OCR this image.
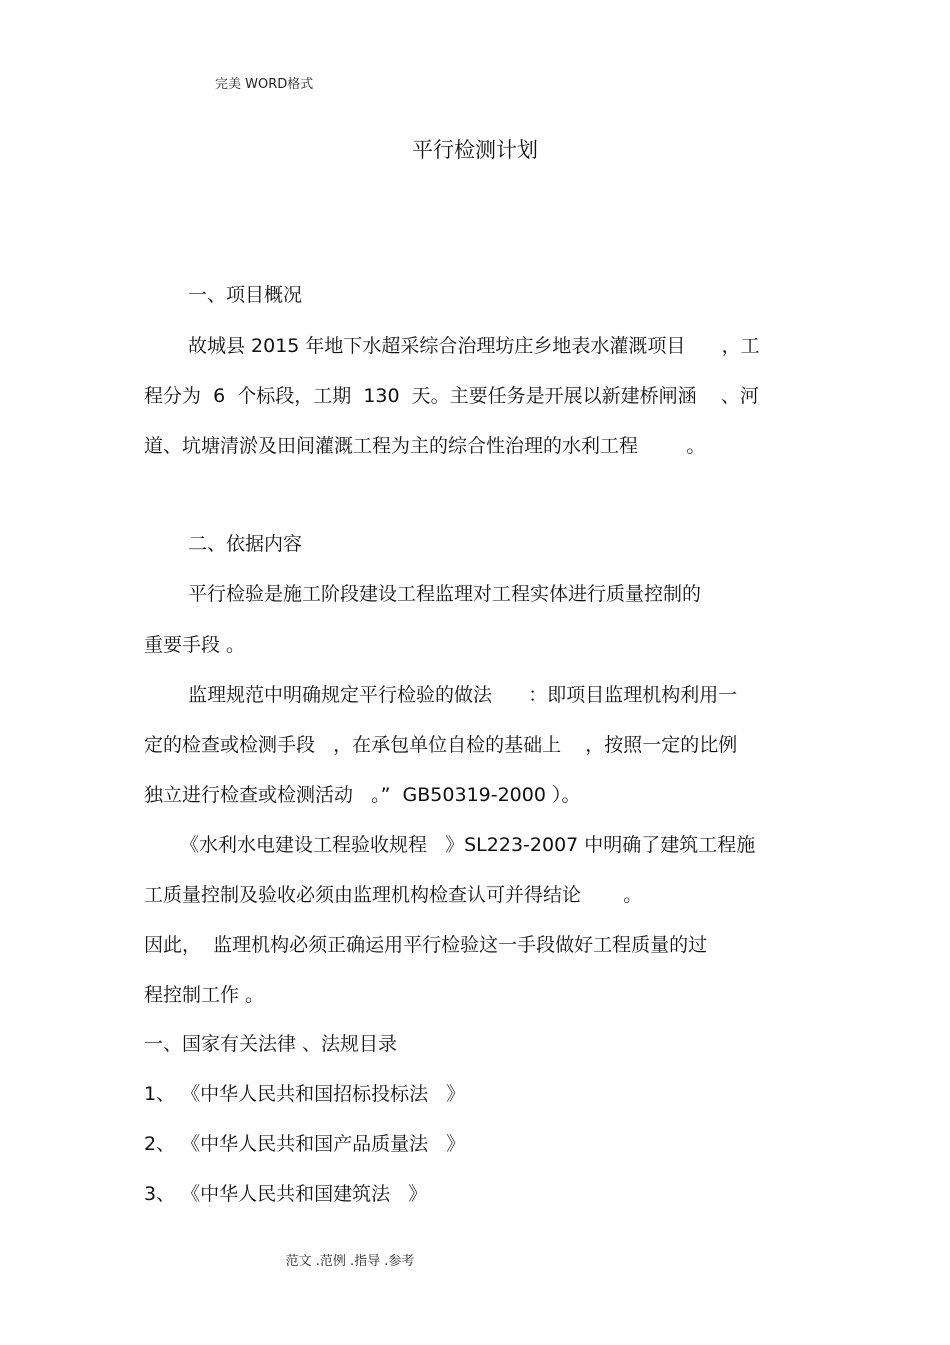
完美 WORD格式
平行检测计划
一、项目概况
故城县 2015 年地下水超采综合治理坊庄乡地表水灌溉项目      ，工
程分为  6  个标段，工期  130  天。主要任务是开展以新建桥闸涵    、河
道、坑塘清淤及田间灌溉工程为主的综合性治理的水利工程        。
二、依据内容
平行检验是施工阶段建设工程监理对工程实体进行质量控制的
重要手段 。
监理规范中明确规定平行检验的做法      ：即项目监理机构利用一
定的检查或检测手段   ，在承包单位自检的基础上    ，按照一定的比例
独立进行检查或检测活动   。”  GB50319-2000 ）。
《水利水电建设工程验收规程   》SL223-2007 中明确了建筑工程施
工质量控制及验收必须由监理机构检查认可并得结论       。
因此，  监理机构必须正确运用平行检验这一手段做好工程质量的过
程控制工作 。
一、国家有关法律 、法规目录
1、 《中华人民共和国招标投标法   》
2、 《中华人民共和国产品质量法   》
3、 《中华人民共和国建筑法   》
范文 .范例 .指导 .参考
